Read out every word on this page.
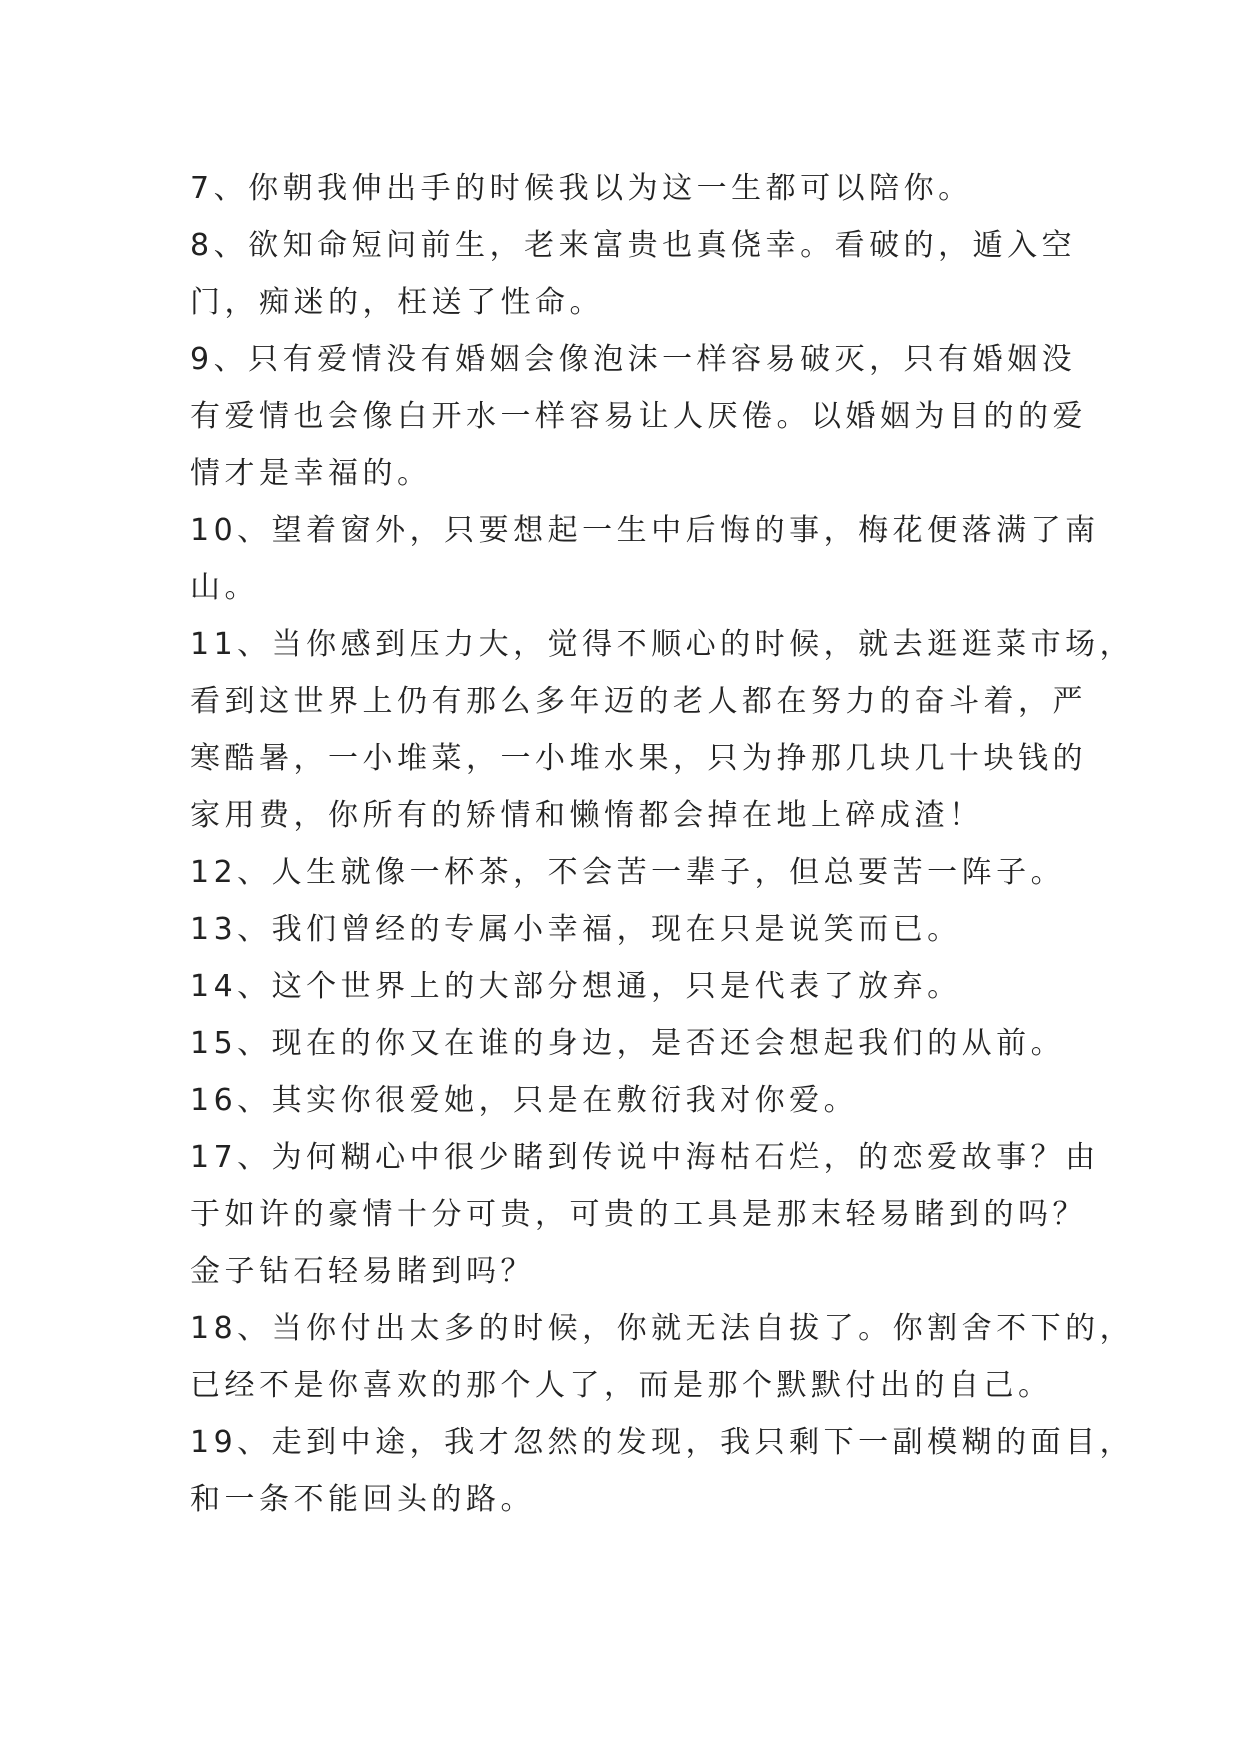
7、你朝我伸出手的时候我以为这一生都可以陪你。

8、欲知命短问前生，老来富贵也真侥幸。看破的，遁入空
门，痴迷的，枉送了性命。

9、只有爱情没有婚姻会像泡沫一样容易破灭，只有婚姻没
有爱情也会像白开水一样容易让人厌倦。以婚姻为目的的爱
情才是幸福的。

10、望着窗外，只要想起一生中后悔的事，梅花便落满了南
山。

11、当你感到压力大，觉得不顺心的时候，就去逛逛菜市场，
看到这世界上仍有那么多年迈的老人都在努力的奋斗着，严
寒酷暑，一小堆菜，一小堆水果，只为挣那几块几十块钱的
家用费，你所有的矫情和懒惰都会掉在地上碎成渣！

12、人生就像一杯茶，不会苦一辈子，但总要苦一阵子。

13、我们曾经的专属小幸福，现在只是说笑而已。

14、这个世界上的大部分想通，只是代表了放弃。

15、现在的你又在谁的身边，是否还会想起我们的从前。

16、其实你很爱她，只是在敷衍我对你爱。

17、为何糊心中很少睹到传说中海枯石烂，的恋爱故事？由
于如许的豪情十分可贵，可贵的工具是那末轻易睹到的吗？
金子钻石轻易睹到吗？

18、当你付出太多的时候，你就无法自拔了。你割舍不下的，
已经不是你喜欢的那个人了，而是那个默默付出的自己。

19、走到中途，我才忽然的发现，我只剩下一副模糊的面目，
和一条不能回头的路。
